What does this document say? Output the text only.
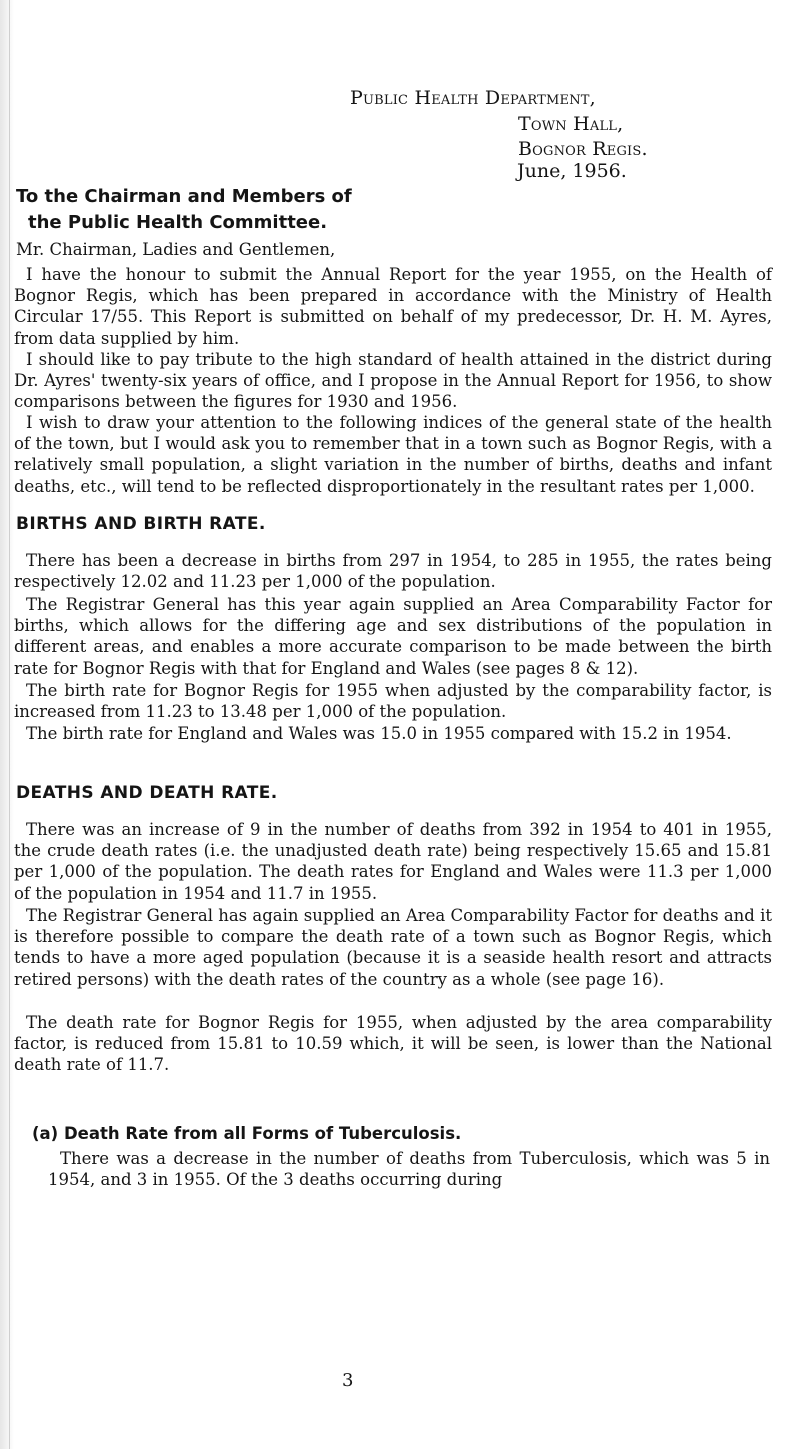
Public Health Department,
Town Hall,
Bognor Regis.
June, 1956.
To the Chairman and Members of
the Public Health Committee.
Mr. Chairman, Ladies and Gentlemen,
I have the honour to submit the Annual Report for the year 1955, on the Health of Bognor Regis, which has been prepared in accordance with the Ministry of Health Circular 17/55. This Report is submitted on behalf of my predecessor, Dr. H. M. Ayres, from data supplied by him.
I should like to pay tribute to the high standard of health attained in the district during Dr. Ayres' twenty-six years of office, and I propose in the Annual Report for 1956, to show comparisons between the figures for 1930 and 1956.
I wish to draw your attention to the following indices of the general state of the health of the town, but I would ask you to remember that in a town such as Bognor Regis, with a relatively small population, a slight variation in the number of births, deaths and infant deaths, etc., will tend to be reflected disproportionately in the resultant rates per 1,000.
BIRTHS AND BIRTH RATE.
There has been a decrease in births from 297 in 1954, to 285 in 1955, the rates being respectively 12.02 and 11.23 per 1,000 of the population.
The Registrar General has this year again supplied an Area Comparability Factor for births, which allows for the differing age and sex distributions of the population in different areas, and enables a more accurate comparison to be made between the birth rate for Bognor Regis with that for England and Wales (see pages 8 & 12).
The birth rate for Bognor Regis for 1955 when adjusted by the comparability factor, is increased from 11.23 to 13.48 per 1,000 of the population.
The birth rate for England and Wales was 15.0 in 1955 compared with 15.2 in 1954.
DEATHS AND DEATH RATE.
There was an increase of 9 in the number of deaths from 392 in 1954 to 401 in 1955, the crude death rates (i.e. the unadjusted death rate) being respectively 15.65 and 15.81 per 1,000 of the population. The death rates for England and Wales were 11.3 per 1,000 of the population in 1954 and 11.7 in 1955.
The Registrar General has again supplied an Area Comparability Factor for deaths and it is therefore possible to compare the death rate of a town such as Bognor Regis, which tends to have a more aged population (because it is a seaside health resort and attracts retired persons) with the death rates of the country as a whole (see page 16).
The death rate for Bognor Regis for 1955, when adjusted by the area comparability factor, is reduced from 15.81 to 10.59 which, it will be seen, is lower than the National death rate of 11.7.
(a) Death Rate from all Forms of Tuberculosis.
There was a decrease in the number of deaths from Tuberculosis, which was 5 in 1954, and 3 in 1955. Of the 3 deaths occurring during
3
